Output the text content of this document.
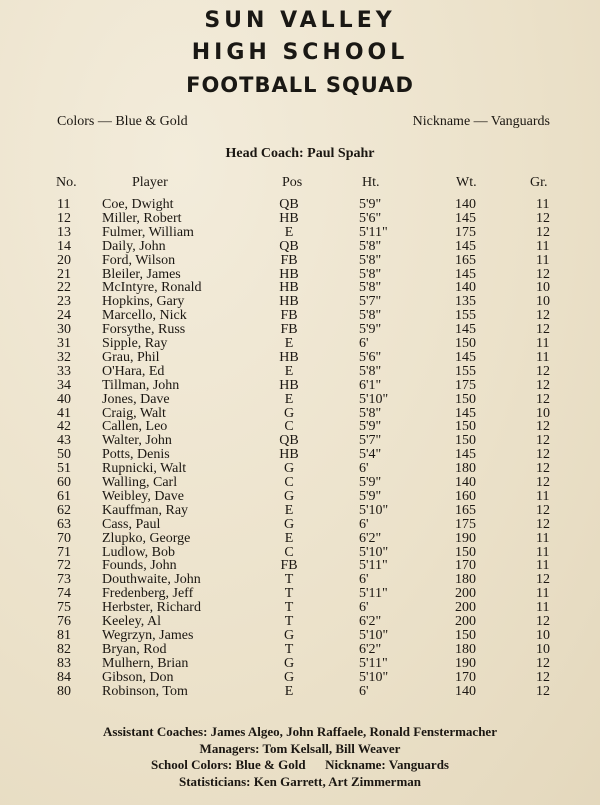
SUN VALLEY
HIGH SCHOOL
FOOTBALL SQUAD
Colors — Blue & Gold	Nickname — Vanguards
Head Coach: Paul Spahr
No.	Player	Pos	Ht.	Wt.	Gr.
11 Coe, Dwight	QB	5'9"	140	11
12 Miller, Robert	HB	5'6"	145	12
13 Fulmer, William	E	5'11"	175	12
14 Daily, John	QB	5'8"	145	11
20 Ford, Wilson	FB	5'8"	165	11
21 Bleiler, James	HB	5'8"	145	12
22 McIntyre, Ronald	HB	5'8"	140	10
23 Hopkins, Gary	HB	5'7"	135	10
24 Marcello, Nick	FB	5'8"	155	12
30 Forsythe, Russ	FB	5'9"	145	12
31 Sipple, Ray	E	6'	150	11
32 Grau, Phil	HB	5'6"	145	11
33 O'Hara, Ed	E	5'8"	155	12
34 Tillman, John	HB	6'1"	175	12
40 Jones, Dave	E	5'10"	150	12
41 Craig, Walt	G	5'8"	145	10
42 Callen, Leo	C	5'9"	150	12
43 Walter, John	QB	5'7"	150	12
50 Potts, Denis	HB	5'4"	145	12
51 Rupnicki, Walt	G	6'	180	12
60 Walling, Carl	C	5'9"	140	12
61 Weibley, Dave	G	5'9"	160	11
62 Kauffman, Ray	E	5'10"	165	12
63 Cass, Paul	G	6'	175	12
70 Zlupko, George	E	6'2"	190	11
71 Ludlow, Bob	C	5'10"	150	11
72 Founds, John	FB	5'11"	170	11
73 Douthwaite, John	T	6'	180	12
74 Fredenberg, Jeff	T	5'11"	200	11
75 Herbster, Richard	T	6'	200	11
76 Keeley, Al	T	6'2"	200	12
81 Wegrzyn, James	G	5'10"	150	10
82 Bryan, Rod	T	6'2"	180	10
83 Mulhern, Brian	G	5'11"	190	12
84 Gibson, Don	G	5'10"	170	12
80 Robinson, Tom	E	6'	140	12
Assistant Coaches: James Algeo, John Raffaele, Ronald Fenstermacher
Managers: Tom Kelsall, Bill Weaver
School Colors: Blue & Gold Nickname: Vanguards
Statisticians: Ken Garrett, Art Zimmerman
